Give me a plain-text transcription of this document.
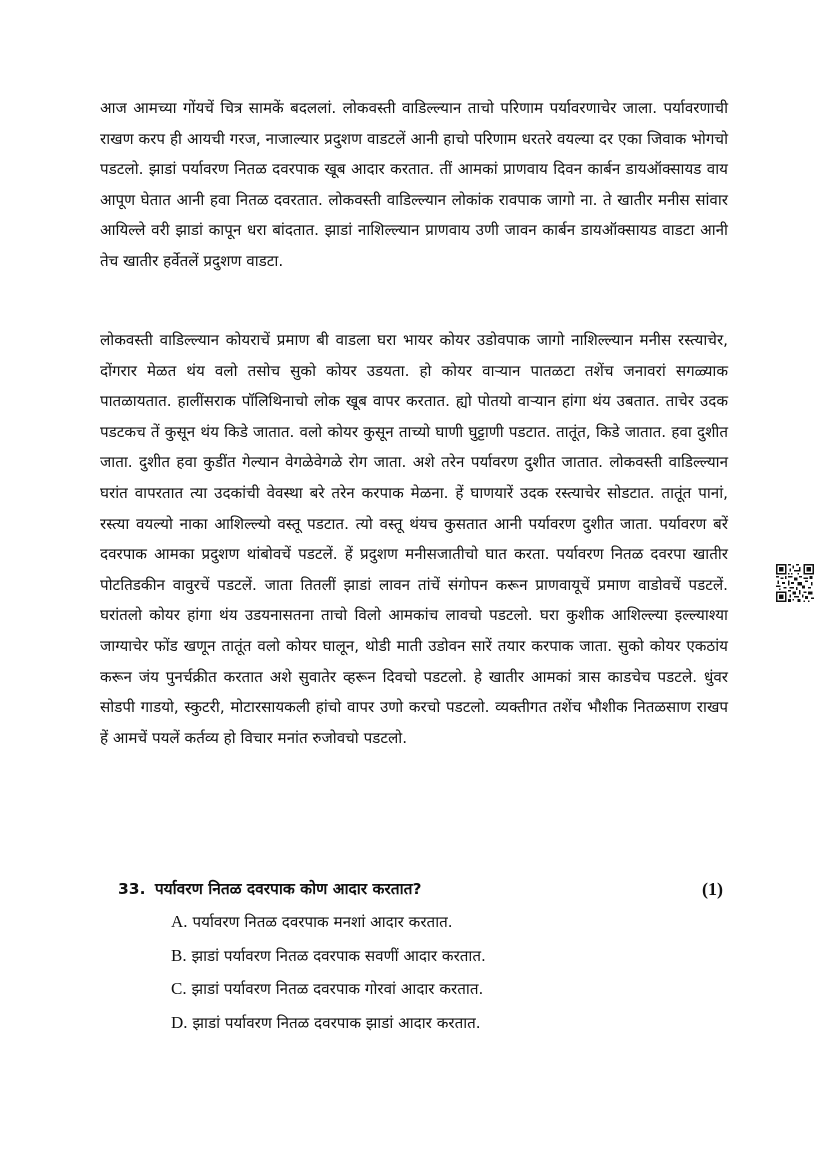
आज आमच्या गोंयचें चित्र सामकें बदललां. लोकवस्ती वाडिल्ल्यान ताचो परिणाम पर्यावरणाचेर जाला. पर्यावरणाची राखण करप ही आयची गरज, नाजाल्यार प्रदुशण वाडटलें आनी हाचो परिणाम धरतरे वयल्या दर एका जिवाक भोगचो पडटलो. झाडां पर्यावरण नितळ दवरपाक खूब आदार करतात. तीं आमकां प्राणवाय दिवन कार्बन डायऑक्सायड वाय आपूण घेतात आनी हवा नितळ दवरतात. लोकवस्ती वाडिल्ल्यान लोकांक रावपाक जागो ना. ते खातीर मनीस सांवार आयिल्ले वरी झाडां कापून धरा बांदतात. झाडां नाशिल्ल्यान प्राणवाय उणी जावन कार्बन डायऑक्सायड वाडटा आनी तेच खातीर हर्वेतलें प्रदुशण वाडटा.

लोकवस्ती वाडिल्ल्यान कोयराचें प्रमाण बी वाडला घरा भायर कोयर उडोवपाक जागो नाशिल्ल्यान मनीस रस्त्याचेर, दोंगरार मेळत थंय वलो तसोच सुको कोयर उडयता. हो कोयर वाऱ्यान पातळटा तशेंच जनावरां सगळ्याक पातळायतात. हालींसराक पॉलिथिनाचो लोक खूब वापर करतात. ह्यो पोतयो वाऱ्यान हांगा थंय उबतात. ताचेर उदक पडटकच तें कुसून थंय किडे जातात. वलो कोयर कुसून ताच्यो घाणी घुट्टाणी पडटात. तातूंत, किडे जातात. हवा दुशीत जाता. दुशीत हवा कुडींत गेल्यान वेगळेवेगळे रोग जाता. अशे तरेन पर्यावरण दुशीत जातात. लोकवस्ती वाडिल्ल्यान घरांत वापरतात त्या उदकांची वेवस्था बरे तरेन करपाक मेळना. हें घाणयारें उदक रस्त्याचेर सोडटात. तातूंत पानां, रस्त्या वयल्यो नाका आशिल्ल्यो वस्तू पडटात. त्यो वस्तू थंयच कुसतात आनी पर्यावरण दुशीत जाता. पर्यावरण बरें दवरपाक आमका प्रदुशण थांबोवचें पडटलें. हें प्रदुशण मनीसजातीचो घात करता. पर्यावरण नितळ दवरपा खातीर पोटतिडकीन वावुरचें पडटलें. जाता तितलीं झाडां लावन तांचें संगोपन करून प्राणवायूचें प्रमाण वाडोवचें पडटलें. घरांतलो कोयर हांगा थंय उडयनासतना ताचो विलो आमकांच लावचो पडटलो. घरा कुशीक आशिल्ल्या इल्ल्याश्या जाग्याचेर फोंड खणून तातूंत वलो कोयर घालून, थोडी माती उडोवन सारें तयार करपाक जाता. सुको कोयर एकठांय करून जंय पुनर्चक्रीत करतात अशे सुवातेर व्हरून दिवचो पडटलो. हे खातीर आमकां त्रास काडचेच पडटले. धुंवर सोडपी गाडयो, स्कुटरी, मोटारसायकली हांचो वापर उणो करचो पडटलो. व्यक्तीगत तशेंच भौशीक नितळसाण राखप हें आमचें पयलें कर्तव्य हो विचार मनांत रुजोवचो पडटलो.

33. पर्यावरण नितळ दवरपाक कोण आदार करतात?	(1)
A. पर्यावरण नितळ दवरपाक मनशां आदार करतात.
B. झाडां पर्यावरण नितळ दवरपाक सवणीं आदार करतात.
C. झाडां पर्यावरण नितळ दवरपाक गोरवां आदार करतात.
D. झाडां पर्यावरण नितळ दवरपाक झाडां आदार करतात.
